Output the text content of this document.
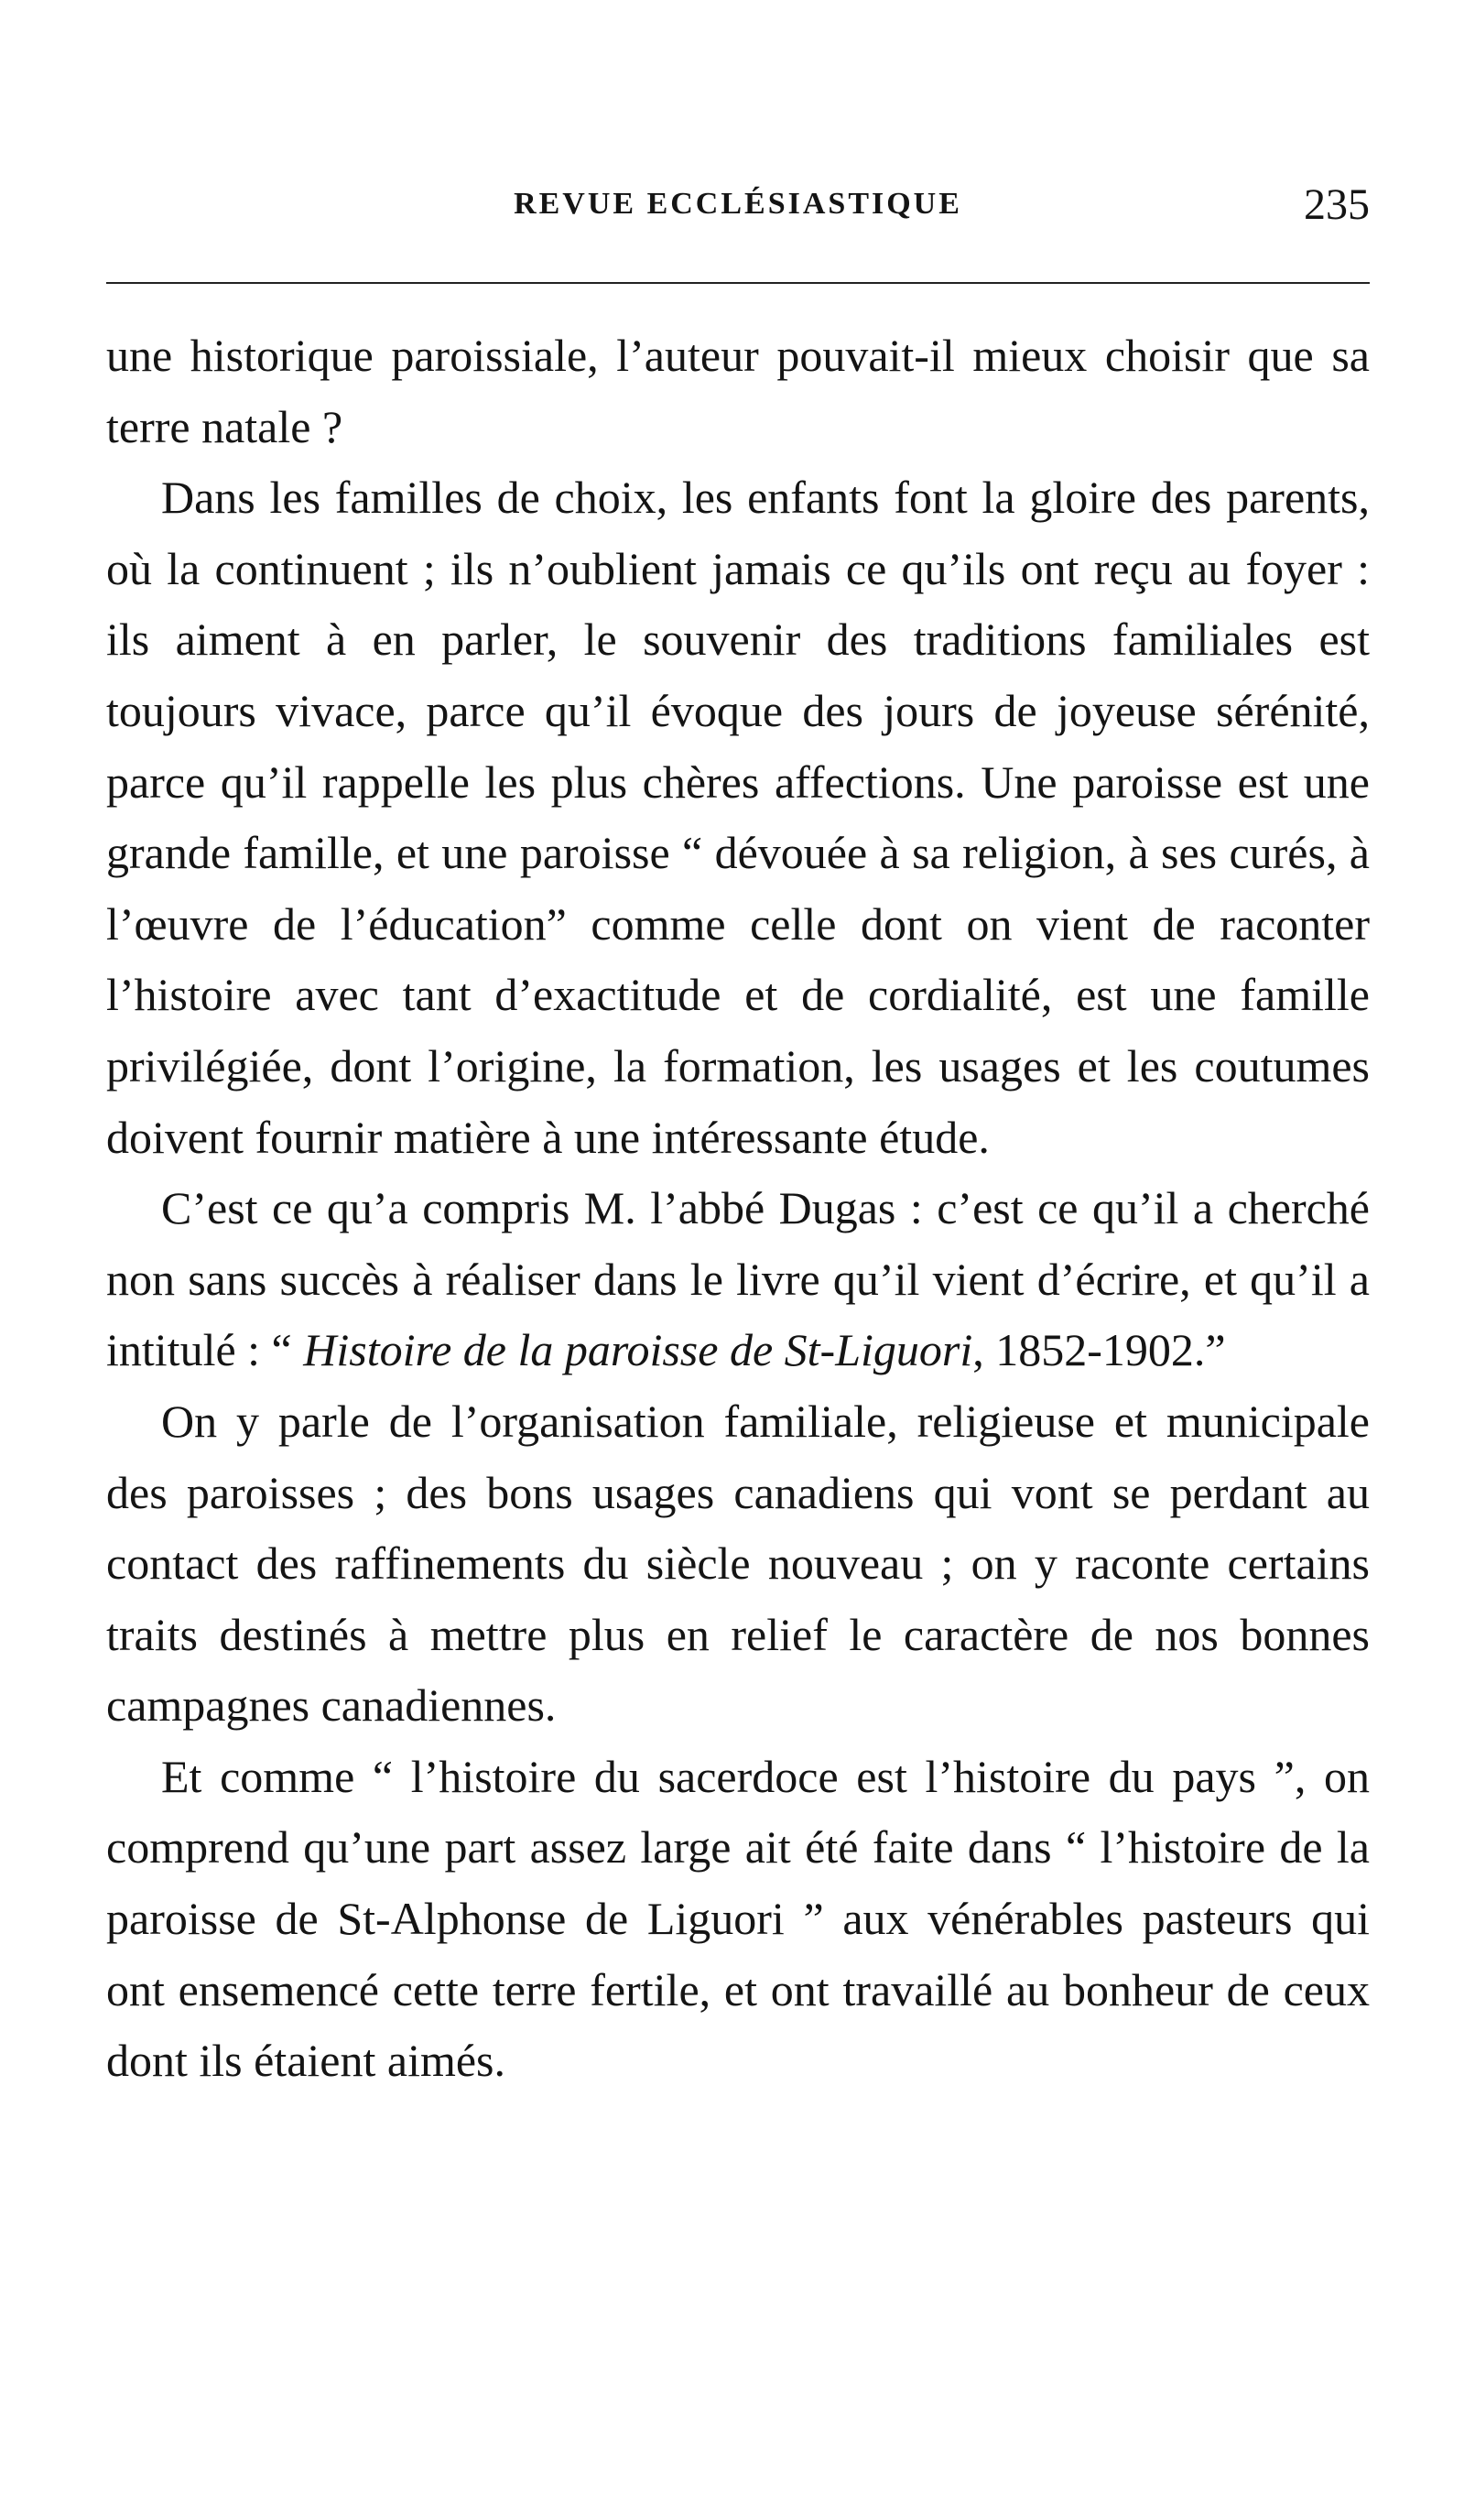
REVUE ECCLÉSIASTIQUE	235

une historique paroissiale, l’auteur pouvait-il mieux choisir que sa terre natale ?

Dans les familles de choix, les enfants font la gloire des parents, où la continuent ; ils n’oublient jamais ce qu’ils ont reçu au foyer : ils aiment à en parler, le souvenir des traditions familiales est toujours vivace, parce qu’il évoque des jours de joyeuse sérénité, parce qu’il rappelle les plus chères affections. Une paroisse est une grande famille, et une paroisse “ dévouée à sa religion, à ses curés, à l’œuvre de l’éducation” comme celle dont on vient de raconter l’histoire avec tant d’exactitude et de cordialité, est une famille privilégiée, dont l’origine, la formation, les usages et les coutumes doivent fournir matière à une intéressante étude.

C’est ce qu’a compris M. l’abbé Dugas : c’est ce qu’il a cherché non sans succès à réaliser dans le livre qu’il vient d’écrire, et qu’il a intitulé : “ Histoire de la paroisse de St-Liguori, 1852-1902.”

On y parle de l’organisation familiale, religieuse et municipale des paroisses ; des bons usages canadiens qui vont se perdant au contact des raffinements du siècle nouveau ; on y raconte certains traits destinés à mettre plus en relief le caractère de nos bonnes campagnes canadiennes.

Et comme “ l’histoire du sacerdoce est l’histoire du pays ”, on comprend qu’une part assez large ait été faite dans “ l’histoire de la paroisse de St-Alphonse de Liguori ” aux vénérables pasteurs qui ont ensemencé cette terre fertile, et ont travaillé au bonheur de ceux dont ils étaient aimés.
